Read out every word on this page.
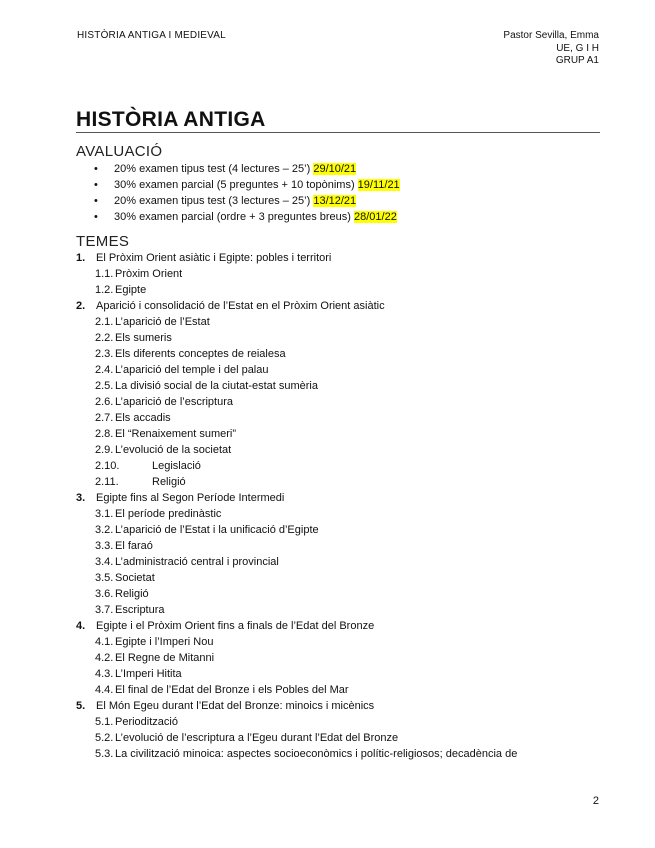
HISTÒRIA ANTIGA I MEDIEVAL	Pastor Sevilla, Emma
UE, G I H
GRUP A1
HISTÒRIA ANTIGA
AVALUACIÓ
• 20% examen tipus test (4 lectures – 25’) 29/10/21
• 30% examen parcial (5 preguntes + 10 topònims) 19/11/21
• 20% examen tipus test (3 lectures – 25’) 13/12/21
• 30% examen parcial (ordre + 3 preguntes breus) 28/01/22
TEMES
1. El Pròxim Orient asiàtic i Egipte: pobles i territori
1.1. Pròxim Orient
1.2. Egipte
2. Aparició i consolidació de l’Estat en el Pròxim Orient asiàtic
2.1. L’aparició de l’Estat
2.2. Els sumeris
2.3. Els diferents conceptes de reialesa
2.4. L’aparició del temple i del palau
2.5. La divisió social de la ciutat-estat sumèria
2.6. L’aparició de l’escriptura
2.7. Els accadis
2.8. El “Renaixement sumeri”
2.9. L’evolució de la societat
2.10.	Legislació
2.11.	Religió
3. Egipte fins al Segon Període Intermedi
3.1. El període predinàstic
3.2. L’aparició de l’Estat i la unificació d’Egipte
3.3. El faraó
3.4. L’administració central i provincial
3.5. Societat
3.6. Religió
3.7. Escriptura
4. Egipte i el Pròxim Orient fins a finals de l’Edat del Bronze
4.1. Egipte i l’Imperi Nou
4.2. El Regne de Mitanni
4.3. L’Imperi Hitita
4.4. El final de l’Edat del Bronze i els Pobles del Mar
5. El Món Egeu durant l’Edat del Bronze: minoics i micènics
5.1. Periodització
5.2. L’evolució de l’escriptura a l’Egeu durant l’Edat del Bronze
5.3. La civilització minoica: aspectes socioeconòmics i polític-religiosos; decadència de
2
